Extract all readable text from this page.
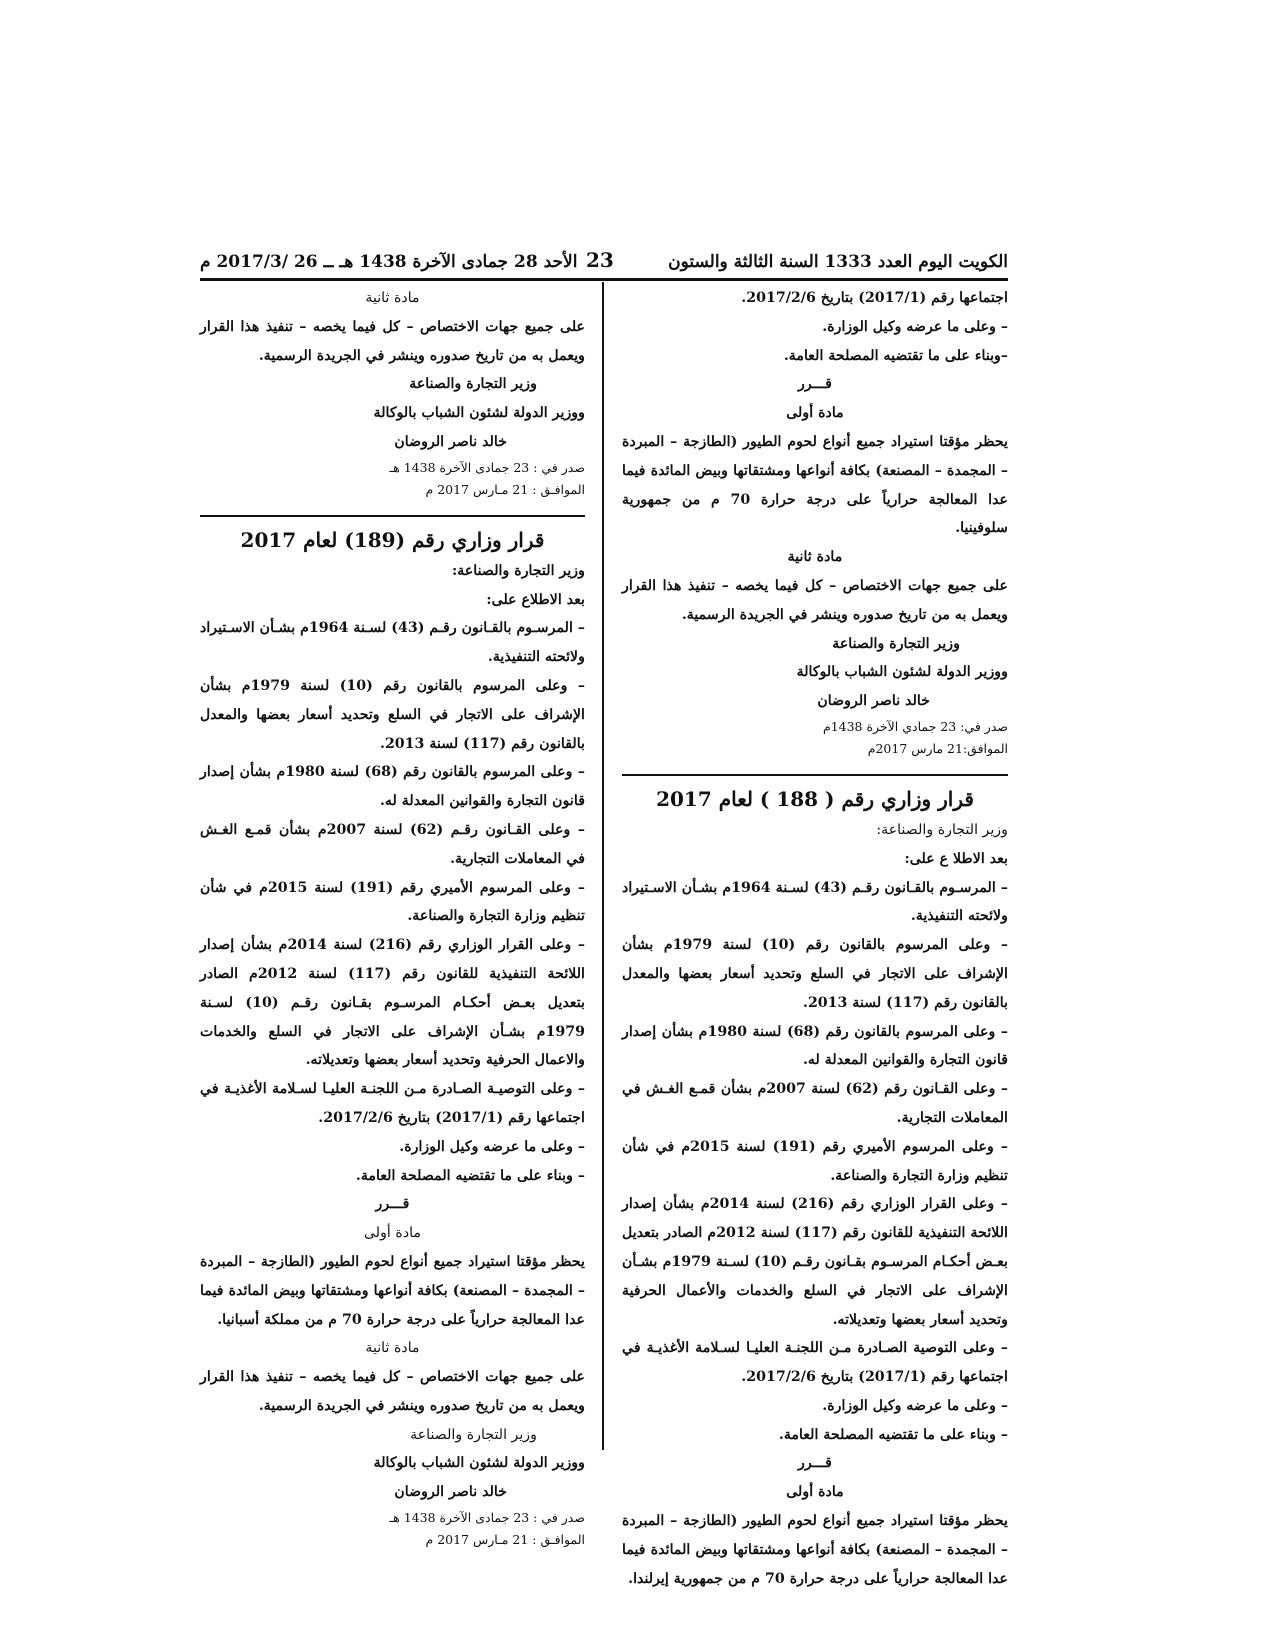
الكويت اليوم العدد 1333 السنة الثالثة والستون
23
الأحد 28 جمادى الآخرة 1438 هـ ــ 26 /2017/3 م

اجتماعها رقم (2017/1) بتاريخ 2017/2/6.

– وعلى ما عرضه وكيل الوزارة.

–وبناء على ما تقتضيه المصلحة العامة.

قـــرر

مادة أولى

يحظر مؤقتا استيراد جميع أنواع لحوم الطيور (الطازجة – المبردة – المجمدة – المصنعة) بكافة أنواعها ومشتقاتها وبيض المائدة فيما عدا المعالجة حرارياً على درجة حرارة 70 م من جمهورية سلوفينيا.

مادة ثانية

على جميع جهات الاختصاص – كل فيما يخصه – تنفيذ هذا القرار ويعمل به من تاريخ صدوره وينشر في الجريدة الرسمية.

وزير التجارة والصناعة

ووزير الدولة لشئون الشباب بالوكالة

خالد ناصر الروضان

صدر في: 23 جمادي الآخرة 1438م

الموافق:21 مارس 2017م

قرار وزاري رقم ( 188 ) لعام 2017

وزير التجارة والصناعة:

بعد الاطلا ع على:

– المرسـوم بالقـانون رقـم (43) لسـنة 1964م بشـأن الاسـتيراد ولائحته التنفيذية.

– وعلى المرسوم بالقانون رقم (10) لسنة 1979م بشأن الإشراف على الاتجار في السلع وتحديد أسعار بعضها والمعدل بالقانون رقم (117) لسنة 2013.

– وعلى المرسوم بالقانون رقم (68) لسنة 1980م بشأن إصدار قانون التجارة والقوانين المعدلة له.

– وعلى القـانون رقم (62) لسنة 2007م بشأن قمـع الغـش في المعاملات التجارية.

– وعلى المرسوم الأميري رقم (191) لسنة 2015م في شأن تنظيم وزارة التجارة والصناعة.

– وعلى القرار الوزاري رقم (216) لسنة 2014م بشأن إصدار اللائحة التنفيذية للقانون رقم (117) لسنة 2012م الصادر بتعديل بعـض أحكـام المرسـوم بقـانون رقـم (10) لسـنة 1979م بشـأن الإشراف على الاتجار في السلع والخدمات والأعمال الحرفية وتحديد أسعار بعضها وتعديلاته.

– وعلى التوصية الصـادرة مـن اللجنـة العليـا لسـلامة الأغذيـة في اجتماعها رقم (2017/1) بتاريخ 2017/2/6.

– وعلى ما عرضه وكيل الوزارة.

– وبناء على ما تقتضيه المصلحة العامة.

قـــرر

مادة أولى

يحظر مؤقتا استيراد جميع أنواع لحوم الطيور (الطازجة – المبردة – المجمدة – المصنعة) بكافة أنواعها ومشتقاتها وبيض المائدة فيما عدا المعالجة حرارياً على درجة حرارة 70 م من جمهورية إيرلندا.

مادة ثانية

على جميع جهات الاختصاص – كل فيما يخصه – تنفيذ هذا القرار ويعمل به من تاريخ صدوره وينشر في الجريدة الرسمية.

وزير التجارة والصناعة

ووزير الدولة لشئون الشباب بالوكالة

خالد ناصر الروضان

صدر في : 23 جمادى الآخرة 1438 هـ

الموافـق : 21 مـارس 2017 م

قرار وزاري رقم (189) لعام 2017

وزير التجارة والصناعة:

بعد الاطلاع على:

– المرسـوم بالقـانون رقـم (43) لسـنة 1964م بشـأن الاسـتيراد ولائحته التنفيذية.

– وعلى المرسوم بالقانون رقم (10) لسنة 1979م بشأن الإشراف على الاتجار في السلع وتحديد أسعار بعضها والمعدل بالقانون رقم (117) لسنة 2013.

– وعلى المرسوم بالقانون رقم (68) لسنة 1980م بشأن إصدار قانون التجارة والقوانين المعدلة له.

– وعلى القـانون رقـم (62) لسنة 2007م بشأن قمـع الغـش في المعاملات التجارية.

– وعلى المرسوم الأميري رقم (191) لسنة 2015م في شأن تنظيم وزارة التجارة والصناعة.

– وعلى القرار الوزاري رقم (216) لسنة 2014م بشأن إصدار اللائحة التنفيذية للقانون رقم (117) لسنة 2012م الصادر بتعديل بعـض أحكـام المرسـوم بقـانون رقـم (10) لسـنة 1979م بشـأن الإشراف على الاتجار في السلع والخدمات والاعمال الحرفية وتحديد أسعار بعضها وتعديلاته.

– وعلى التوصيـة الصـادرة مـن اللجنـة العليـا لسـلامة الأغذيـة في اجتماعها رقم (2017/1) بتاريخ 2017/2/6.

– وعلى ما عرضه وكيل الوزارة.

– وبناء على ما تقتضيه المصلحة العامة.

قـــرر

مادة أولى

يحظر مؤقتا استيراد جميع أنواع لحوم الطيور (الطازجة – المبردة – المجمدة – المصنعة) بكافة أنواعها ومشتقاتها وبيض المائدة فيما عدا المعالجة حرارياً على درجة حرارة 70 م من مملكة أسبانيا.

مادة ثانية

على جميع جهات الاختصاص – كل فيما يخصه – تنفيذ هذا القرار ويعمل به من تاريخ صدوره وينشر في الجريدة الرسمية.

وزير التجارة والصناعة

ووزير الدولة لشئون الشباب بالوكالة

خالد ناصر الروضان

صدر في : 23 جمادى الآخرة 1438 هـ

الموافـق : 21 مـارس 2017 م
